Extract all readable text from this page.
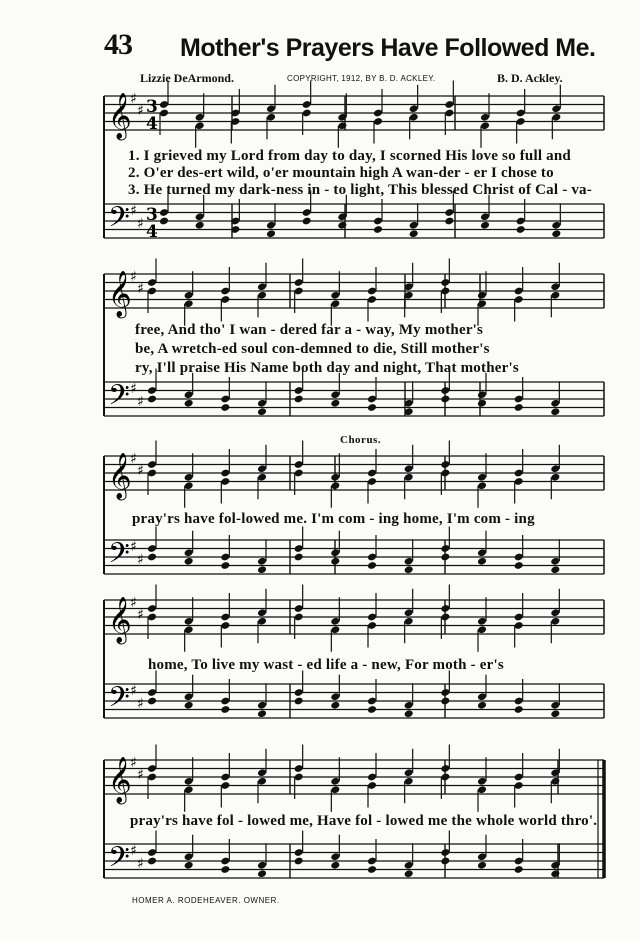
43 Mother's Prayers Have Followed Me.
Lizzie DeArmond.	COPYRIGHT, 1912, BY B. D. ACKLEY.	B. D. Ackley.
𝄞
𝄢
♯
♯
♯
♯
3
4
3
4
𝄞
𝄢
♯
♯
♯
♯
𝄞
𝄢
♯
♯
♯
♯
𝄞
𝄢
♯
♯
♯
♯
𝄞
𝄢
♯
♯
♯
♯
1. I grieved my Lord from day to day, I scorned His love so full and
2. O'er des-ert wild, o'er mountain high A wan-der - er I chose to
3. He turned my dark-ness in - to light, This blessed Christ of Cal - va-
free, And tho' I wan - dered far a - way, My mother's
be, A wretch-ed soul con-demned to die, Still mother's
ry, I'll praise His Name both day and night, That mother's
Chorus.
pray'rs have fol-lowed me. I'm com - ing home, I'm com - ing
home, To live my wast - ed life a - new, For moth - er's
pray'rs have fol - lowed me, Have fol - lowed me the whole world thro'.
HOMER A. RODEHEAVER. OWNER.
